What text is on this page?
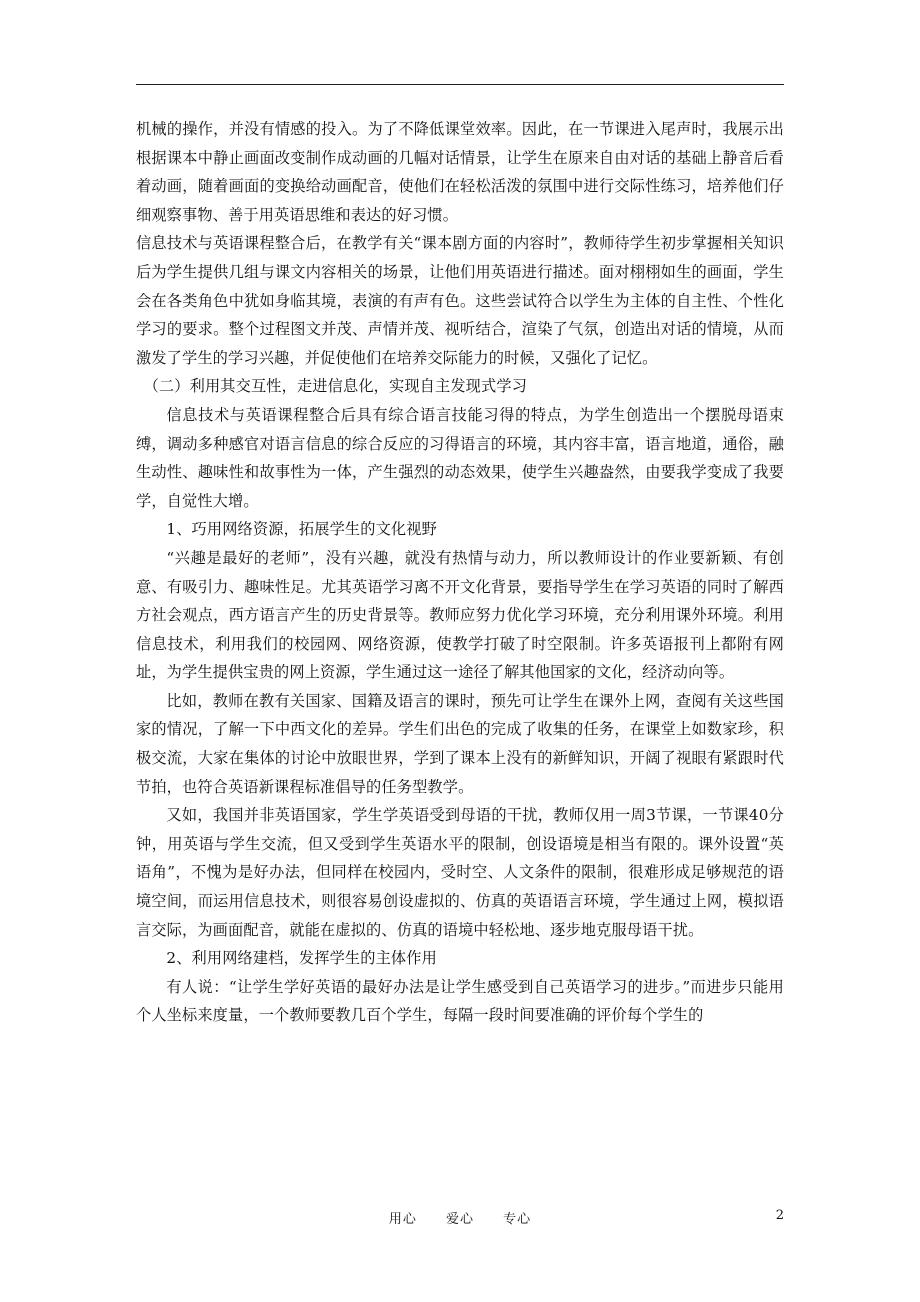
机械的操作，并没有情感的投入。为了不降低课堂效率。因此，在一节课进入尾声时，我展示出根据课本中静止画面改变制作成动画的几幅对话情景，让学生在原来自由对话的基础上静音后看着动画，随着画面的变换给动画配音，使他们在轻松活泼的氛围中进行交际性练习，培养他们仔细观察事物、善于用英语思维和表达的好习惯。

信息技术与英语课程整合后，在教学有关“课本剧方面的内容时”，教师待学生初步掌握相关知识后为学生提供几组与课文内容相关的场景，让他们用英语进行描述。面对栩栩如生的画面，学生会在各类角色中犹如身临其境，表演的有声有色。这些尝试符合以学生为主体的自主性、个性化学习的要求。整个过程图文并茂、声情并茂、视听结合，渲染了气氛，创造出对话的情境，从而激发了学生的学习兴趣，并促使他们在培养交际能力的时候，又强化了记忆。

（二）利用其交互性，走进信息化，实现自主发现式学习

信息技术与英语课程整合后具有综合语言技能习得的特点，为学生创造出一个摆脱母语束缚，调动多种感官对语言信息的综合反应的习得语言的环境，其内容丰富，语言地道，通俗，融生动性、趣味性和故事性为一体，产生强烈的动态效果，使学生兴趣盎然，由要我学变成了我要学，自觉性大增。

1、巧用网络资源，拓展学生的文化视野

“兴趣是最好的老师”，没有兴趣，就没有热情与动力，所以教师设计的作业要新颖、有创意、有吸引力、趣味性足。尤其英语学习离不开文化背景，要指导学生在学习英语的同时了解西方社会观点，西方语言产生的历史背景等。教师应努力优化学习环境，充分利用课外环境。利用信息技术，利用我们的校园网、网络资源，使教学打破了时空限制。许多英语报刊上都附有网址，为学生提供宝贵的网上资源，学生通过这一途径了解其他国家的文化，经济动向等。

比如，教师在教有关国家、国籍及语言的课时，预先可让学生在课外上网，查阅有关这些国家的情况，了解一下中西文化的差异。学生们出色的完成了收集的任务，在课堂上如数家珍，积极交流，大家在集体的讨论中放眼世界，学到了课本上没有的新鲜知识，开阔了视眼有紧跟时代节拍，也符合英语新课程标准倡导的任务型教学。

又如，我国并非英语国家，学生学英语受到母语的干扰，教师仅用一周3节课，一节课40分钟，用英语与学生交流，但又受到学生英语水平的限制，创设语境是相当有限的。课外设置“英语角”，不愧为是好办法，但同样在校园内，受时空、人文条件的限制，很难形成足够规范的语境空间，而运用信息技术，则很容易创设虚拟的、仿真的英语语言环境，学生通过上网，模拟语言交际，为画面配音，就能在虚拟的、仿真的语境中轻松地、逐步地克服母语干扰。

2、利用网络建档，发挥学生的主体作用

有人说：“让学生学好英语的最好办法是让学生感受到自己英语学习的进步。”而进步只能用个人坐标来度量，一个教师要教几百个学生，每隔一段时间要准确的评价每个学生的

用心 爱心 专心	2
